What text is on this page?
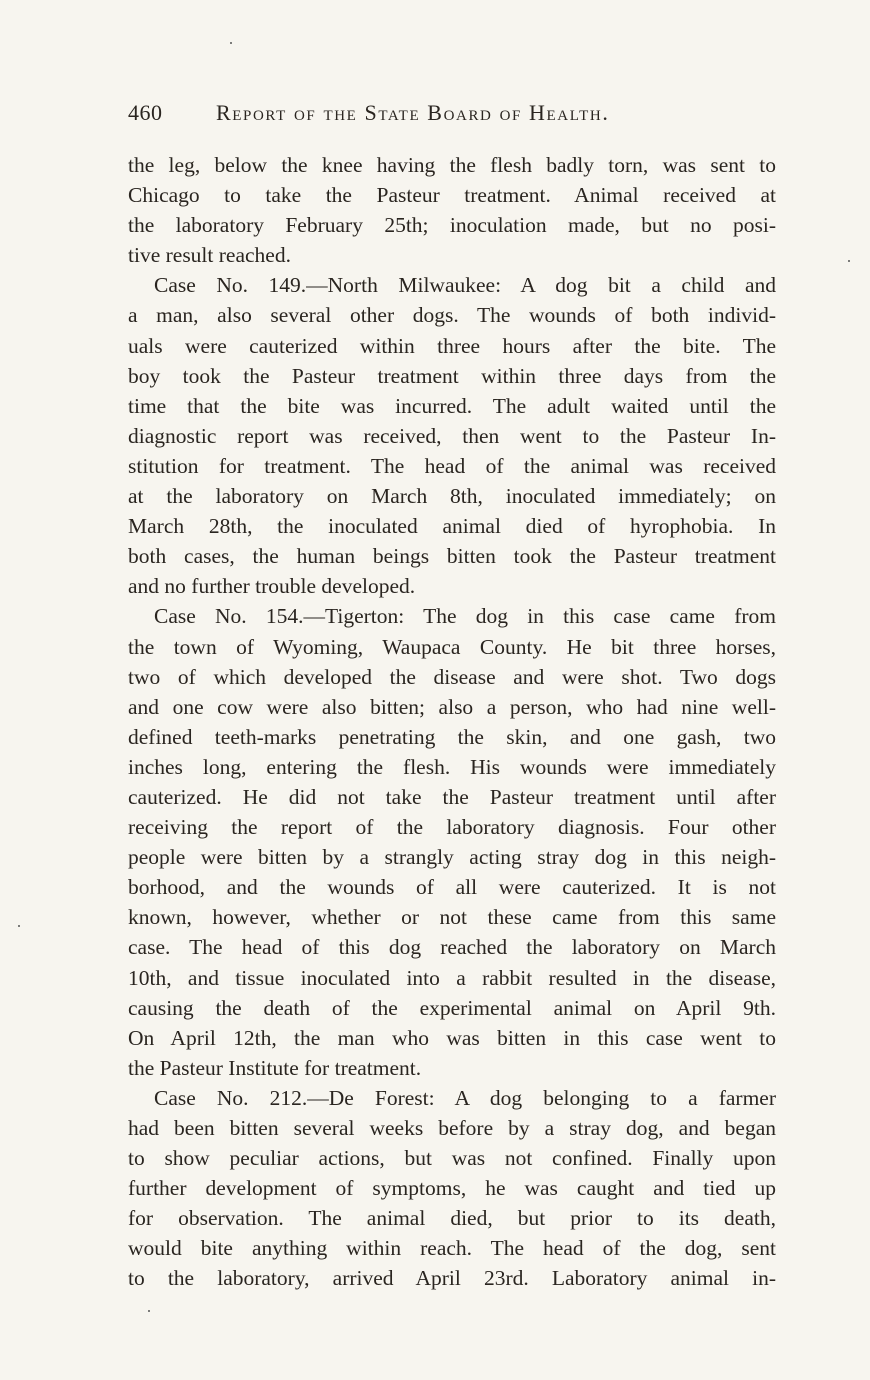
460 Report of the State Board of Health.
the leg, below the knee having the flesh badly torn, was sent to
Chicago to take the Pasteur treatment. Animal received at
the laboratory February 25th; inoculation made, but no posi-
tive result reached.
Case No. 149.—North Milwaukee: A dog bit a child and
a man, also several other dogs. The wounds of both individ-
uals were cauterized within three hours after the bite. The
boy took the Pasteur treatment within three days from the
time that the bite was incurred. The adult waited until the
diagnostic report was received, then went to the Pasteur In-
stitution for treatment. The head of the animal was received
at the laboratory on March 8th, inoculated immediately; on
March 28th, the inoculated animal died of hyrophobia. In
both cases, the human beings bitten took the Pasteur treatment
and no further trouble developed.
Case No. 154.—Tigerton: The dog in this case came from
the town of Wyoming, Waupaca County. He bit three horses,
two of which developed the disease and were shot. Two dogs
and one cow were also bitten; also a person, who had nine well-
defined teeth-marks penetrating the skin, and one gash, two
inches long, entering the flesh. His wounds were immediately
cauterized. He did not take the Pasteur treatment until after
receiving the report of the laboratory diagnosis. Four other
people were bitten by a strangly acting stray dog in this neigh-
borhood, and the wounds of all were cauterized. It is not
known, however, whether or not these came from this same
case. The head of this dog reached the laboratory on March
10th, and tissue inoculated into a rabbit resulted in the disease,
causing the death of the experimental animal on April 9th.
On April 12th, the man who was bitten in this case went to
the Pasteur Institute for treatment.
Case No. 212.—De Forest: A dog belonging to a farmer
had been bitten several weeks before by a stray dog, and began
to show peculiar actions, but was not confined. Finally upon
further development of symptoms, he was caught and tied up
for observation. The animal died, but prior to its death,
would bite anything within reach. The head of the dog, sent
to the laboratory, arrived April 23rd. Laboratory animal in-
